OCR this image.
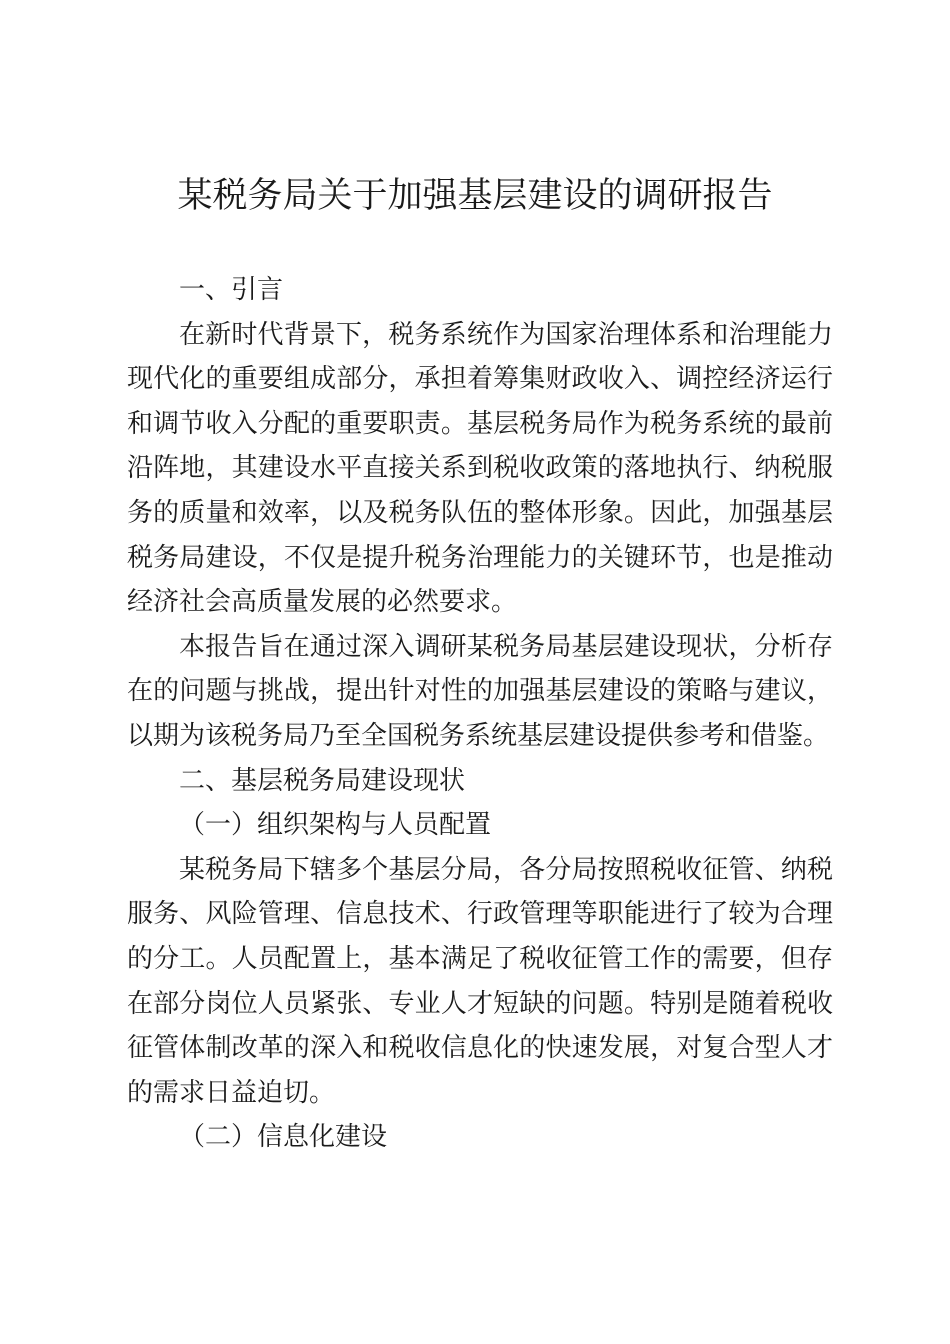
某税务局关于加强基层建设的调研报告

一、引言

在新时代背景下，税务系统作为国家治理体系和治理能力现代化的重要组成部分，承担着筹集财政收入、调控经济运行和调节收入分配的重要职责。基层税务局作为税务系统的最前沿阵地，其建设水平直接关系到税收政策的落地执行、纳税服务的质量和效率，以及税务队伍的整体形象。因此，加强基层税务局建设，不仅是提升税务治理能力的关键环节，也是推动经济社会高质量发展的必然要求。

本报告旨在通过深入调研某税务局基层建设现状，分析存在的问题与挑战，提出针对性的加强基层建设的策略与建议，以期为该税务局乃至全国税务系统基层建设提供参考和借鉴。

二、基层税务局建设现状

（一）组织架构与人员配置

某税务局下辖多个基层分局，各分局按照税收征管、纳税服务、风险管理、信息技术、行政管理等职能进行了较为合理的分工。人员配置上，基本满足了税收征管工作的需要，但存在部分岗位人员紧张、专业人才短缺的问题。特别是随着税收征管体制改革的深入和税收信息化的快速发展，对复合型人才的需求日益迫切。

（二）信息化建设
